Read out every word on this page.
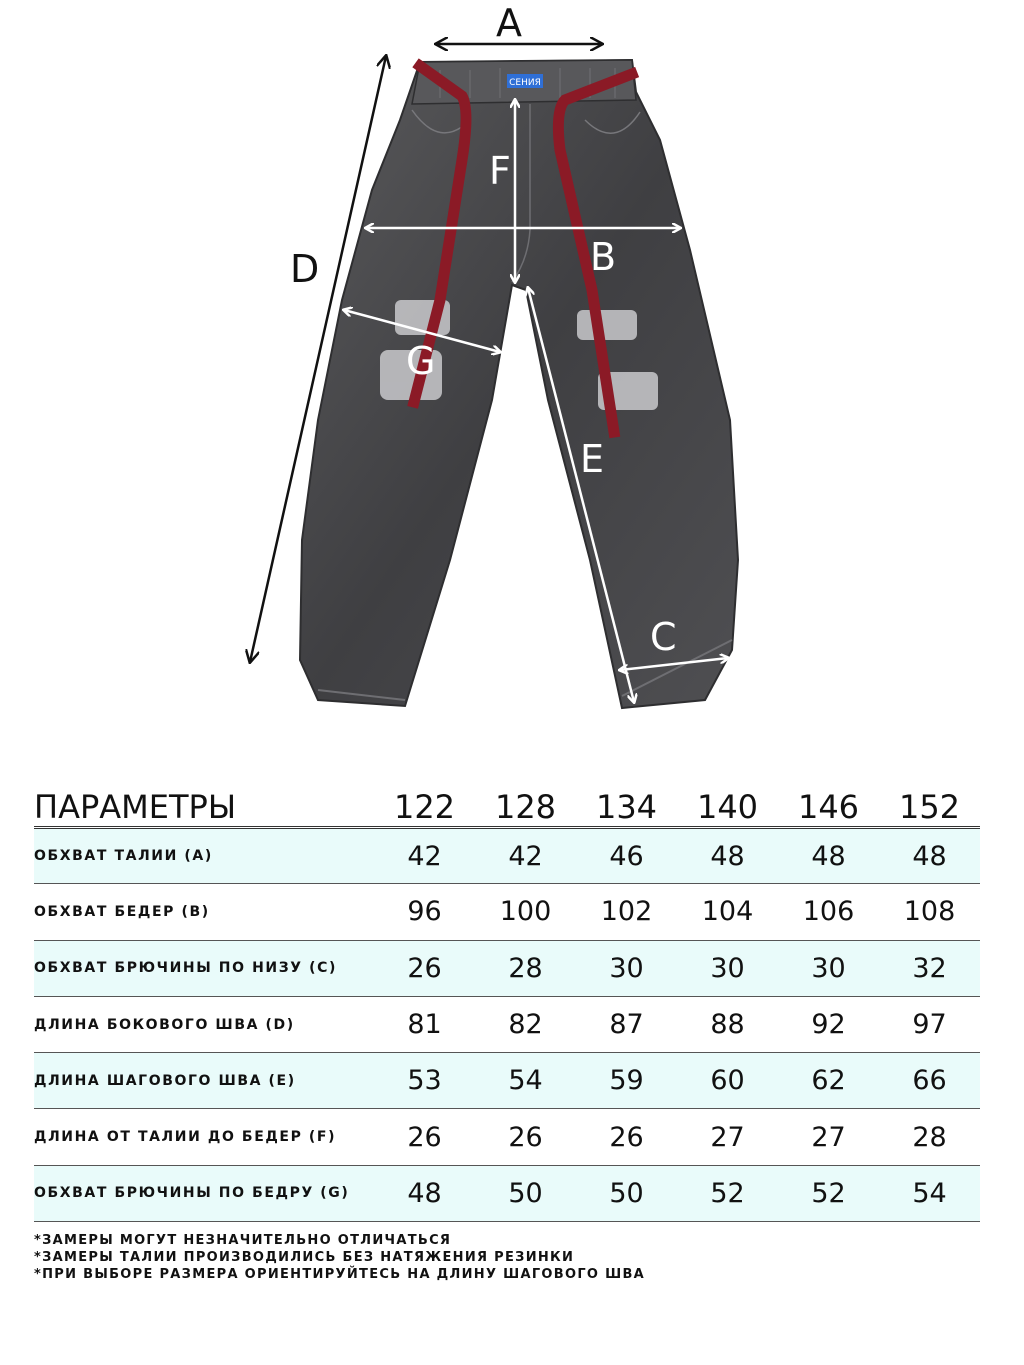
СЕНИЯ
A
D
F
B
G
E
C
ПАРАМЕТРЫ	122	128	134	140	146	152
ОБХВАТ ТАЛИИ (A)	42	42	46	48	48	48
ОБХВАТ БЕДЕР (B)	96	100	102	104	106	108
ОБХВАТ БРЮЧИНЫ ПО НИЗУ (C)	26	28	30	30	30	32
ДЛИНА БОКОВОГО ШВА (D)	81	82	87	88	92	97
ДЛИНА ШАГОВОГО ШВА (E)	53	54	59	60	62	66
ДЛИНА ОТ ТАЛИИ ДО БЕДЕР (F)	26	26	26	27	27	28
ОБХВАТ БРЮЧИНЫ ПО БЕДРУ (G)	48	50	50	52	52	54
*ЗАМЕРЫ МОГУТ НЕЗНАЧИТЕЛЬНО ОТЛИЧАТЬСЯ
*ЗАМЕРЫ ТАЛИИ ПРОИЗВОДИЛИСЬ БЕЗ НАТЯЖЕНИЯ РЕЗИНКИ
*ПРИ ВЫБОРЕ РАЗМЕРА ОРИЕНТИРУЙТЕСЬ НА ДЛИНУ ШАГОВОГО ШВА
